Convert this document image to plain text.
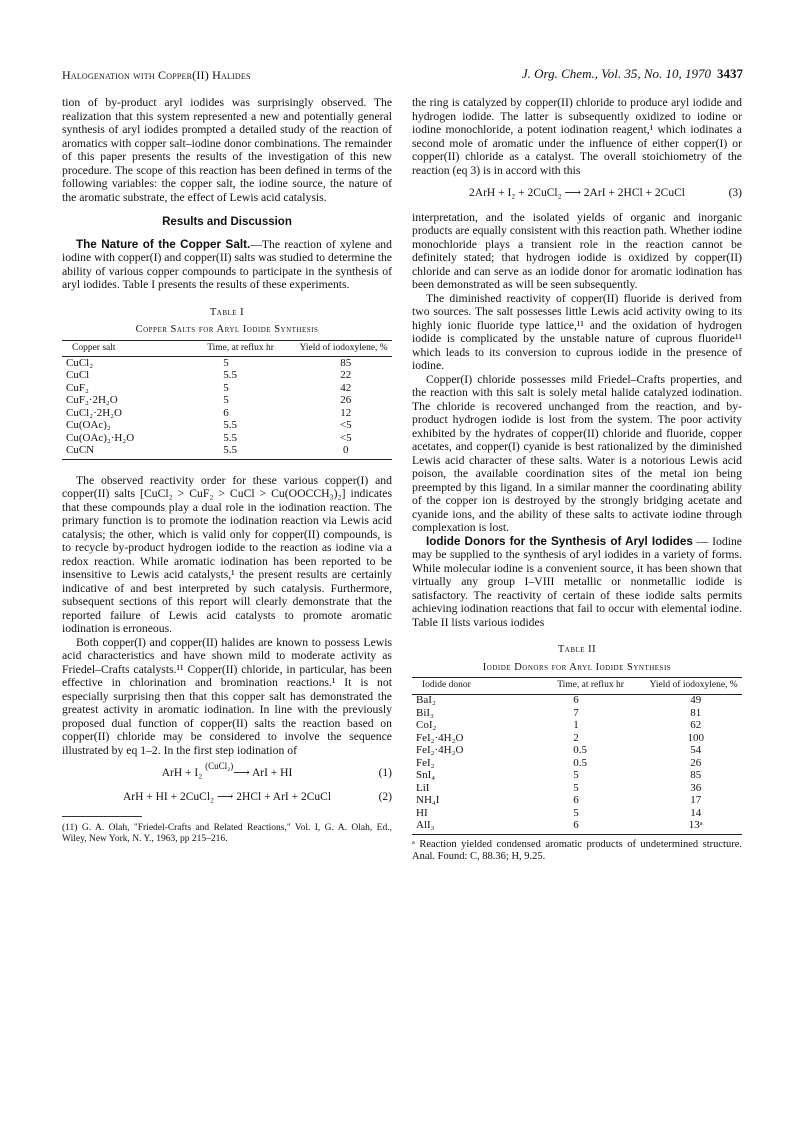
Halogenation with Copper(II) Halides	J. Org. Chem., Vol. 35, No. 10, 1970 3437

tion of by-product aryl iodides was surprisingly observed. The realization that this system represented a new and potentially general synthesis of aryl iodides prompted a detailed study of the reaction of aromatics with copper salt–iodine donor combinations. The remainder of this paper presents the results of the investigation of this new procedure. The scope of this reaction has been defined in terms of the following variables: the copper salt, the iodine source, the nature of the aromatic substrate, the effect of Lewis acid catalysis.

Results and Discussion

The Nature of the Copper Salt.—The reaction of xylene and iodine with copper(I) and copper(II) salts was studied to determine the ability of various copper compounds to participate in the synthesis of aryl iodides. Table I presents the results of these experiments.

Table I
Copper Salts for Aryl Iodide Synthesis
Copper salt	Time, at reflux hr	Yield of iodoxylene, %
CuCl₂	5	85
CuCl	5.5	22
CuF₂	5	42
CuF₂·2H₂O	5	26
CuCl₂·2H₂O	6	12
Cu(OAc)₂	5.5	<5
Cu(OAc)₂·H₂O	5.5	<5
CuCN	5.5	0

The observed reactivity order for these various copper(I) and copper(II) salts [CuCl₂ > CuF₂ > CuCl > Cu(OOCCH₃)₂] indicates that these compounds play a dual role in the iodination reaction. The primary function is to promote the iodination reaction via Lewis acid catalysis; the other, which is valid only for copper(II) compounds, is to recycle by-product hydrogen iodide to the reaction as iodine via a redox reaction. While aromatic iodination has been reported to be insensitive to Lewis acid catalysts,¹ the present results are certainly indicative of and best interpreted by such catalysis. Furthermore, subsequent sections of this report will clearly demonstrate that the reported failure of Lewis acid catalysts to promote aromatic iodination is erroneous.

Both copper(I) and copper(II) halides are known to possess Lewis acid characteristics and have shown mild to moderate activity as Friedel–Crafts catalysts.¹¹ Copper(II) chloride, in particular, has been effective in chlorination and bromination reactions.¹ It is not especially surprising then that this copper salt has demonstrated the greatest activity in aromatic iodination. In line with the previously proposed dual function of copper(II) salts the reaction based on copper(II) chloride may be considered to involve the sequence illustrated by eq 1–2. In the first step iodination of

ArH + I₂ $^{(CuCl_2)}$⟶ ArI + HI	(1)
ArH + HI + 2CuCl₂ ⟶ 2HCl + ArI + 2CuCl	(2)

(11) G. A. Olah, "Friedel-Crafts and Related Reactions," Vol. I, G. A. Olah, Ed., Wiley, New York, N. Y., 1963, pp 215–216.

the ring is catalyzed by copper(II) chloride to produce aryl iodide and hydrogen iodide. The latter is subsequently oxidized to iodine or iodine monochloride, a potent iodination reagent,¹ which iodinates a second mole of aromatic under the influence of either copper(I) or copper(II) chloride as a catalyst. The overall stoichiometry of the reaction (eq 3) is in accord with this

2ArH + I₂ + 2CuCl₂ ⟶ 2ArI + 2HCl + 2CuCl	(3)

interpretation, and the isolated yields of organic and inorganic products are equally consistent with this reaction path. Whether iodine monochloride plays a transient role in the reaction cannot be definitely stated; that hydrogen iodide is oxidized by copper(II) chloride and can serve as an iodide donor for aromatic iodination has been demonstrated as will be seen subsequently.

The diminished reactivity of copper(II) fluoride is derived from two sources. The salt possesses little Lewis acid activity owing to its highly ionic fluoride type lattice,¹¹ and the oxidation of hydrogen iodide is complicated by the unstable nature of cuprous fluoride¹¹ which leads to its conversion to cuprous iodide in the presence of iodine.

Copper(I) chloride possesses mild Friedel–Crafts properties, and the reaction with this salt is solely metal halide catalyzed iodination. The chloride is recovered unchanged from the reaction, and by-product hydrogen iodide is lost from the system. The poor activity exhibited by the hydrates of copper(II) chloride and fluoride, copper acetates, and copper(I) cyanide is best rationalized by the diminished Lewis acid character of these salts. Water is a notorious Lewis acid poison, the available coordination sites of the metal ion being preempted by this ligand. In a similar manner the coordinating ability of the copper ion is destroyed by the strongly bridging acetate and cyanide ions, and the ability of these salts to activate iodine through complexation is lost.

Iodide Donors for the Synthesis of Aryl Iodides — Iodine may be supplied to the synthesis of aryl iodides in a variety of forms. While molecular iodine is a convenient source, it has been shown that virtually any group I–VIII metallic or nonmetallic iodide is satisfactory. The reactivity of certain of these iodide salts permits achieving iodination reactions that fail to occur with elemental iodine. Table II lists various iodides

Table II
Iodide Donors for Aryl Iodide Synthesis
Iodide donor	Time, at reflux hr	Yield of iodoxylene, %
BaI₂	6	49
BiI₃	7	81
CoI₂	1	62
FeI₂·4H₂O	2	100
FeI₂·4H₂O	0.5	54
FeI₂	0.5	26
SnI₄	5	85
LiI	5	36
NH₄I	6	17
HI	5	14
AlI₃	6	13ᵃ

ᵃ Reaction yielded condensed aromatic products of undetermined structure. Anal. Found: C, 88.36; H, 9.25.
